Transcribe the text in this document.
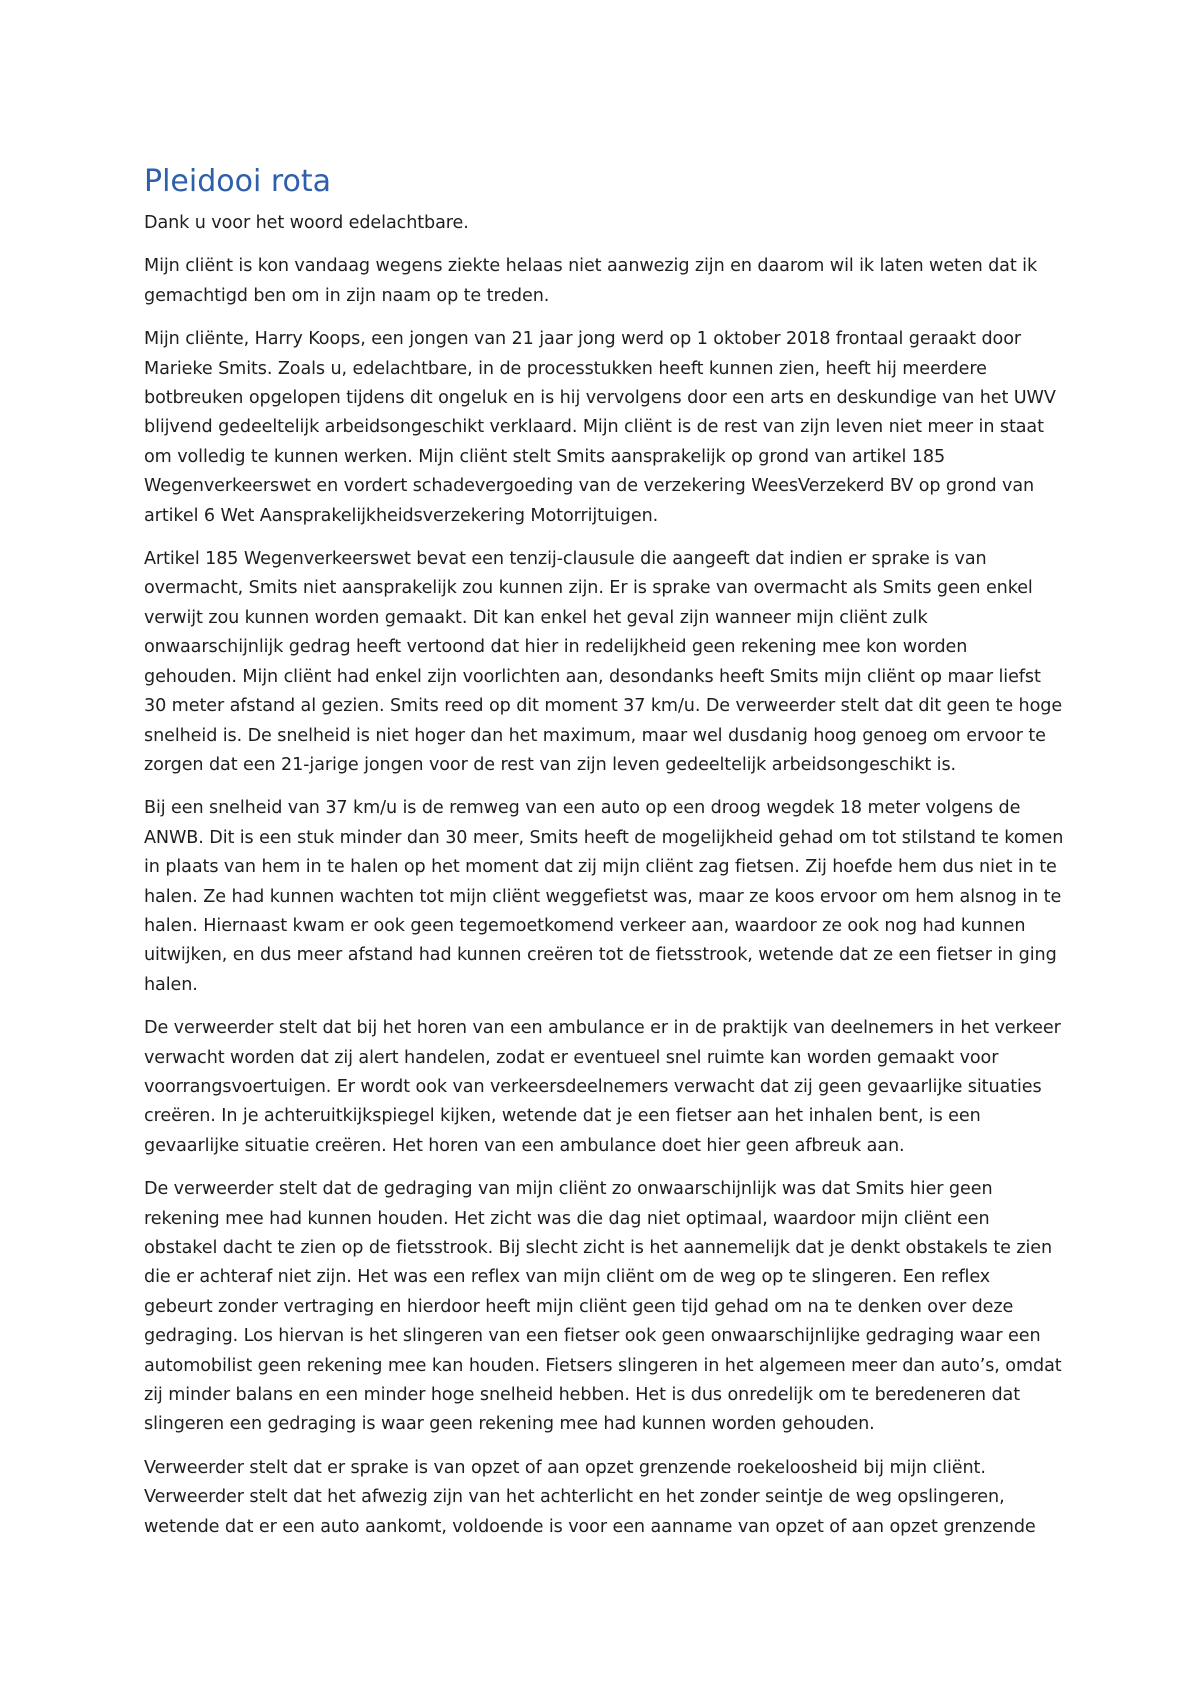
Pleidooi rota

Dank u voor het woord edelachtbare.

Mijn cliënt is kon vandaag wegens ziekte helaas niet aanwezig zijn en daarom wil ik laten weten dat ik gemachtigd ben om in zijn naam op te treden.

Mijn cliënte, Harry Koops, een jongen van 21 jaar jong werd op 1 oktober 2018 frontaal geraakt door Marieke Smits. Zoals u, edelachtbare, in de processtukken heeft kunnen zien, heeft hij meerdere botbreuken opgelopen tijdens dit ongeluk en is hij vervolgens door een arts en deskundige van het UWV blijvend gedeeltelijk arbeidsongeschikt verklaard. Mijn cliënt is de rest van zijn leven niet meer in staat om volledig te kunnen werken. Mijn cliënt stelt Smits aansprakelijk op grond van artikel 185 Wegenverkeerswet en vordert schadevergoeding van de verzekering WeesVerzekerd BV op grond van artikel 6 Wet Aansprakelijkheidsverzekering Motorrijtuigen.

Artikel 185 Wegenverkeerswet bevat een tenzij-clausule die aangeeft dat indien er sprake is van overmacht, Smits niet aansprakelijk zou kunnen zijn. Er is sprake van overmacht als Smits geen enkel verwijt zou kunnen worden gemaakt. Dit kan enkel het geval zijn wanneer mijn cliënt zulk onwaarschijnlijk gedrag heeft vertoond dat hier in redelijkheid geen rekening mee kon worden gehouden. Mijn cliënt had enkel zijn voorlichten aan, desondanks heeft Smits mijn cliënt op maar liefst 30 meter afstand al gezien. Smits reed op dit moment 37 km/u. De verweerder stelt dat dit geen te hoge snelheid is. De snelheid is niet hoger dan het maximum, maar wel dusdanig hoog genoeg om ervoor te zorgen dat een 21-jarige jongen voor de rest van zijn leven gedeeltelijk arbeidsongeschikt is.

Bij een snelheid van 37 km/u is de remweg van een auto op een droog wegdek 18 meter volgens de ANWB. Dit is een stuk minder dan 30 meer, Smits heeft de mogelijkheid gehad om tot stilstand te komen in plaats van hem in te halen op het moment dat zij mijn cliënt zag fietsen. Zij hoefde hem dus niet in te halen. Ze had kunnen wachten tot mijn cliënt weggefietst was, maar ze koos ervoor om hem alsnog in te halen. Hiernaast kwam er ook geen tegemoetkomend verkeer aan, waardoor ze ook nog had kunnen uitwijken, en dus meer afstand had kunnen creëren tot de fietsstrook, wetende dat ze een fietser in ging halen.

De verweerder stelt dat bij het horen van een ambulance er in de praktijk van deelnemers in het verkeer verwacht worden dat zij alert handelen, zodat er eventueel snel ruimte kan worden gemaakt voor voorrangsvoertuigen. Er wordt ook van verkeersdeelnemers verwacht dat zij geen gevaarlijke situaties creëren. In je achteruitkijkspiegel kijken, wetende dat je een fietser aan het inhalen bent, is een gevaarlijke situatie creëren. Het horen van een ambulance doet hier geen afbreuk aan.

De verweerder stelt dat de gedraging van mijn cliënt zo onwaarschijnlijk was dat Smits hier geen rekening mee had kunnen houden. Het zicht was die dag niet optimaal, waardoor mijn cliënt een obstakel dacht te zien op de fietsstrook. Bij slecht zicht is het aannemelijk dat je denkt obstakels te zien die er achteraf niet zijn. Het was een reflex van mijn cliënt om de weg op te slingeren. Een reflex gebeurt zonder vertraging en hierdoor heeft mijn cliënt geen tijd gehad om na te denken over deze gedraging. Los hiervan is het slingeren van een fietser ook geen onwaarschijnlijke gedraging waar een automobilist geen rekening mee kan houden. Fietsers slingeren in het algemeen meer dan auto’s, omdat zij minder balans en een minder hoge snelheid hebben. Het is dus onredelijk om te beredeneren dat slingeren een gedraging is waar geen rekening mee had kunnen worden gehouden.

Verweerder stelt dat er sprake is van opzet of aan opzet grenzende roekeloosheid bij mijn cliënt. Verweerder stelt dat het afwezig zijn van het achterlicht en het zonder seintje de weg opslingeren, wetende dat er een auto aankomt, voldoende is voor een aanname van opzet of aan opzet grenzende
